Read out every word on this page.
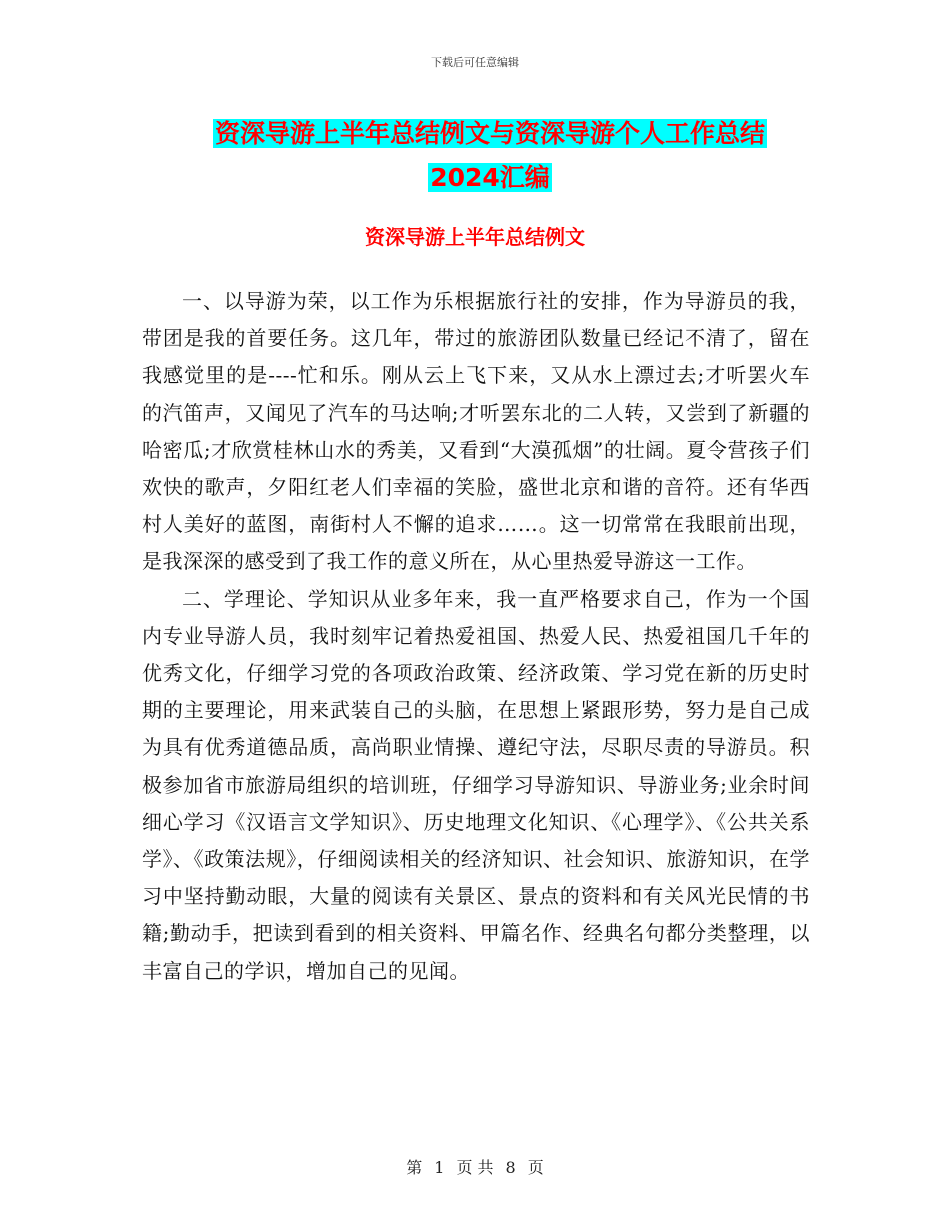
下载后可任意编辑
资深导游上半年总结例文与资深导游个人工作总结
2024汇编
资深导游上半年总结例文

一、以导游为荣，以工作为乐根据旅行社的安排，作为导游员的我，带团是我的首要任务。这几年，带过的旅游团队数量已经记不清了，留在我感觉里的是----忙和乐。刚从云上飞下来，又从水上漂过去;才听罢火车的汽笛声，又闻见了汽车的马达响;才听罢东北的二人转，又尝到了新疆的哈密瓜;才欣赏桂林山水的秀美，又看到“大漠孤烟”的壮阔。夏令营孩子们欢快的歌声，夕阳红老人们幸福的笑脸，盛世北京和谐的音符。还有华西村人美好的蓝图，南街村人不懈的追求……。这一切常常在我眼前出现，是我深深的感受到了我工作的意义所在，从心里热爱导游这一工作。

二、学理论、学知识从业多年来，我一直严格要求自己，作为一个国内专业导游人员，我时刻牢记着热爱祖国、热爱人民、热爱祖国几千年的优秀文化，仔细学习党的各项政治政策、经济政策、学习党在新的历史时期的主要理论，用来武装自己的头脑，在思想上紧跟形势，努力是自己成为具有优秀道德品质，高尚职业情操、遵纪守法，尽职尽责的导游员。积极参加省市旅游局组织的培训班，仔细学习导游知识、导游业务;业余时间细心学习《汉语言文学知识》、历史地理文化知识、《心理学》、《公共关系学》、《政策法规》，仔细阅读相关的经济知识、社会知识、旅游知识，在学习中坚持勤动眼，大量的阅读有关景区、景点的资料和有关风光民情的书籍;勤动手，把读到看到的相关资料、甲篇名作、经典名句都分类整理，以丰富自己的学识，增加自己的见闻。

第 1 页 共 8 页
